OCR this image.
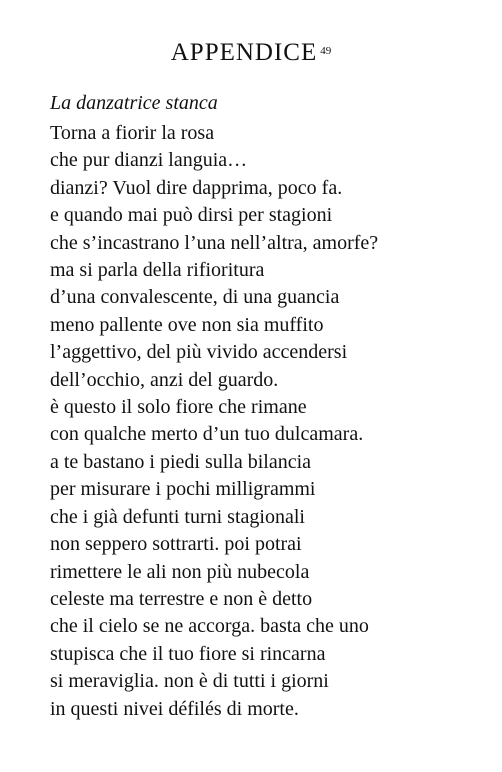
APPENDICE $^{49}$
La danzatrice stanca
Torna a fiorir la rosa
che pur dianzi languia…
dianzi? Vuol dire dapprima, poco fa.
e quando mai può dirsi per stagioni
che s’incastrano l’una nell’altra, amorfe?
ma si parla della rifioritura
d’una convalescente, di una guancia
meno pallente ove non sia muffito
l’aggettivo, del più vivido accendersi
dell’occhio, anzi del guardo.
è questo il solo fiore che rimane
con qualche merto d’un tuo dulcamara.
a te bastano i piedi sulla bilancia
per misurare i pochi milligrammi
che i già defunti turni stagionali
non seppero sottrarti. poi potrai
rimettere le ali non più nubecola
celeste ma terrestre e non è detto
che il cielo se ne accorga. basta che uno
stupisca che il tuo fiore si rincarna
si meraviglia. non è di tutti i giorni
in questi nivei défilés di morte.
